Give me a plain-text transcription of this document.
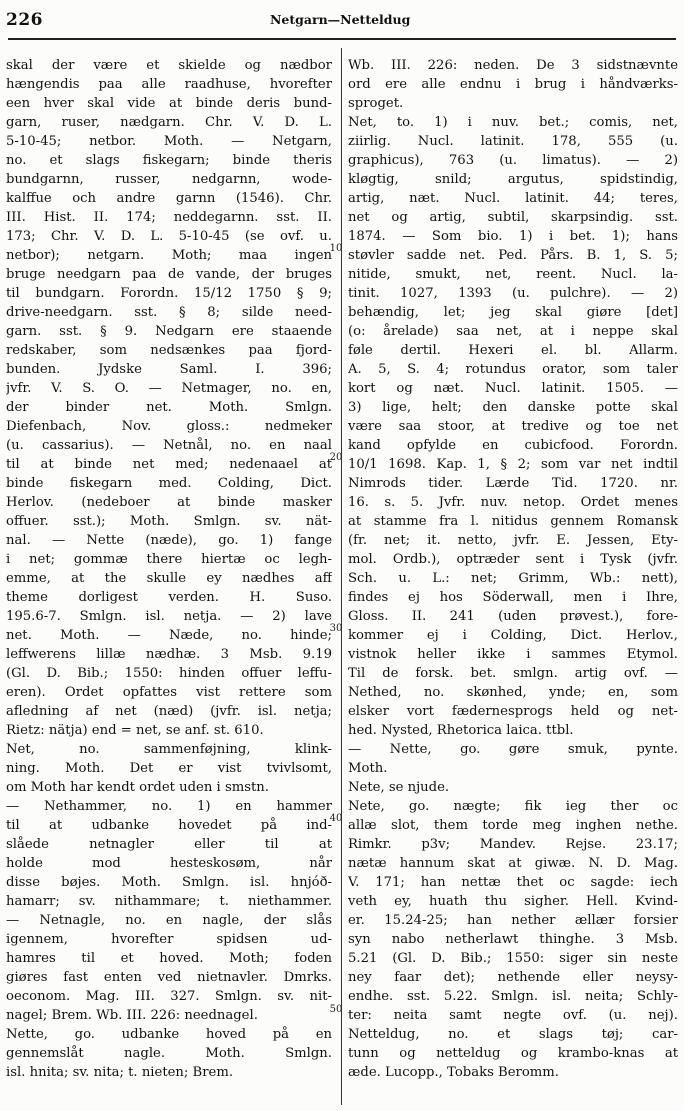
226	Netgarn—Netteldug
10
20
30
40
50
skal der være et skielde og nædbor
hængendis paa alle raadhuse, hvorefter
een hver skal vide at binde deris bund-
garn, ruser, nædgarn. Chr. V. D. L.
5-10-45; netbor. Moth. — Netgarn,
no. et slags fiskegarn; binde theris
bundgarnn, russer, nedgarnn, wode-
kalffue och andre garnn (1546). Chr.
III. Hist. II. 174; neddegarnn. sst. II.
173; Chr. V. D. L. 5-10-45 (se ovf. u.
netbor); netgarn. Moth; maa ingen
bruge needgarn paa de vande, der bruges
til bundgarn. Forordn. 15/12 1750 § 9;
drive-needgarn. sst. § 8; silde need-
garn. sst. § 9. Nedgarn ere staaende
redskaber, som nedsænkes paa fjord-
bunden. Jydske Saml. I. 396;
jvfr. V. S. O. — Netmager, no. en,
der binder net. Moth. Smlgn.
Diefenbach, Nov. gloss.: nedmeker
(u. cassarius). — Netnål, no. en naal
til at binde net med; nedenaael at
binde fiskegarn med. Colding, Dict.
Herlov. (nedeboer at binde masker
offuer. sst.); Moth. Smlgn. sv. nät-
nal. — Nette (næde), go. 1) fange
i net; gommæ there hiertæ oc legh-
emme, at the skulle ey nædhes aff
theme dorligest verden. H. Suso.
195.6-7. Smlgn. isl. netja. — 2) lave
net. Moth. — Næde, no. hinde;
leffwerens lillæ nædhæ. 3 Msb. 9.19
(Gl. D. Bib.; 1550: hinden offuer leffu-
eren). Ordet opfattes vist rettere som
afledning af net (næd) (jvfr. isl. netja;
Rietz: nätja) end = net, se anf. st. 610.
Net, no. sammenføjning, klink-
ning. Moth. Det er vist tvivlsomt,
om Moth har kendt ordet uden i smstn.
— Nethammer, no. 1) en hammer
til at udbanke hovedet på ind-
slåede netnagler eller til at
holde mod hesteskosøm, når
disse bøjes. Moth. Smlgn. isl. hnjóð-
hamarr; sv. nithammare; t. niethammer.
— Netnagle, no. en nagle, der slås
igennem, hvorefter spidsen ud-
hamres til et hoved. Moth; foden
giøres fast enten ved nietnavler. Dmrks.
oeconom. Mag. III. 327. Smlgn. sv. nit-
nagel; Brem. Wb. III. 226: neednagel.
Nette, go. udbanke hoved på en
gennemslåt nagle. Moth. Smlgn.
isl. hnita; sv. nita; t. nieten; Brem.
Wb. III. 226: neden. De 3 sidstnævnte
ord ere alle endnu i brug i håndværks-
sproget.
Net, to. 1) i nuv. bet.; comis, net,
ziirlig. Nucl. latinit. 178, 555 (u.
graphicus), 763 (u. limatus). — 2)
kløgtig, snild; argutus, spidstindig,
artig, næt. Nucl. latinit. 44; teres,
net og artig, subtil, skarpsindig. sst.
1874. — Som bio. 1) i bet. 1); hans
støvler sadde net. Ped. Pårs. B. 1, S. 5;
nitide, smukt, net, reent. Nucl. la-
tinit. 1027, 1393 (u. pulchre). — 2)
behændig, let; jeg skal giøre [det]
(o: årelade) saa net, at i neppe skal
føle dertil. Hexeri el. bl. Allarm.
A. 5, S. 4; rotundus orator, som taler
kort og næt. Nucl. latinit. 1505. —
3) lige, helt; den danske potte skal
være saa stoor, at tredive og toe net
kand opfylde en cubicfood. Forordn.
10/1 1698. Kap. 1, § 2; som var net indtil
Nimrods tider. Lærde Tid. 1720. nr.
16. s. 5. Jvfr. nuv. netop. Ordet menes
at stamme fra l. nitidus gennem Romansk
(fr. net; it. netto, jvfr. E. Jessen, Ety-
mol. Ordb.), optræder sent i Tysk (jvfr.
Sch. u. L.: net; Grimm, Wb.: nett),
findes ej hos Söderwall, men i Ihre,
Gloss. II. 241 (uden prøvest.), fore-
kommer ej i Colding, Dict. Herlov.,
vistnok heller ikke i sammes Etymol.
Til de forsk. bet. smlgn. artig ovf. —
Nethed, no. skønhed, ynde; en, som
elsker vort fædernesprogs held og net-
hed. Nysted, Rhetorica laica. ttbl.
— Nette, go. gøre smuk, pynte.
Moth.
Nete, se njude.
Nete, go. nægte; fik ieg ther oc
allæ slot, them torde meg inghen nethe.
Rimkr. p3v; Mandev. Rejse. 23.17;
nætæ hannum skat at giwæ. N. D. Mag.
V. 171; han nettæ thet oc sagde: iech
veth ey, huath thu sigher. Hell. Kvind-
er. 15.24-25; han nether ællær forsier
syn nabo netherlawt thinghe. 3 Msb.
5.21 (Gl. D. Bib.; 1550: siger sin neste
ney faar det); nethende eller neysy-
endhe. sst. 5.22. Smlgn. isl. neita; Schly-
ter: neita samt negte ovf. (u. nej).
Netteldug, no. et slags tøj; car-
tunn og netteldug og krambo-knas at
æde. Lucopp., Tobaks Beromm.
